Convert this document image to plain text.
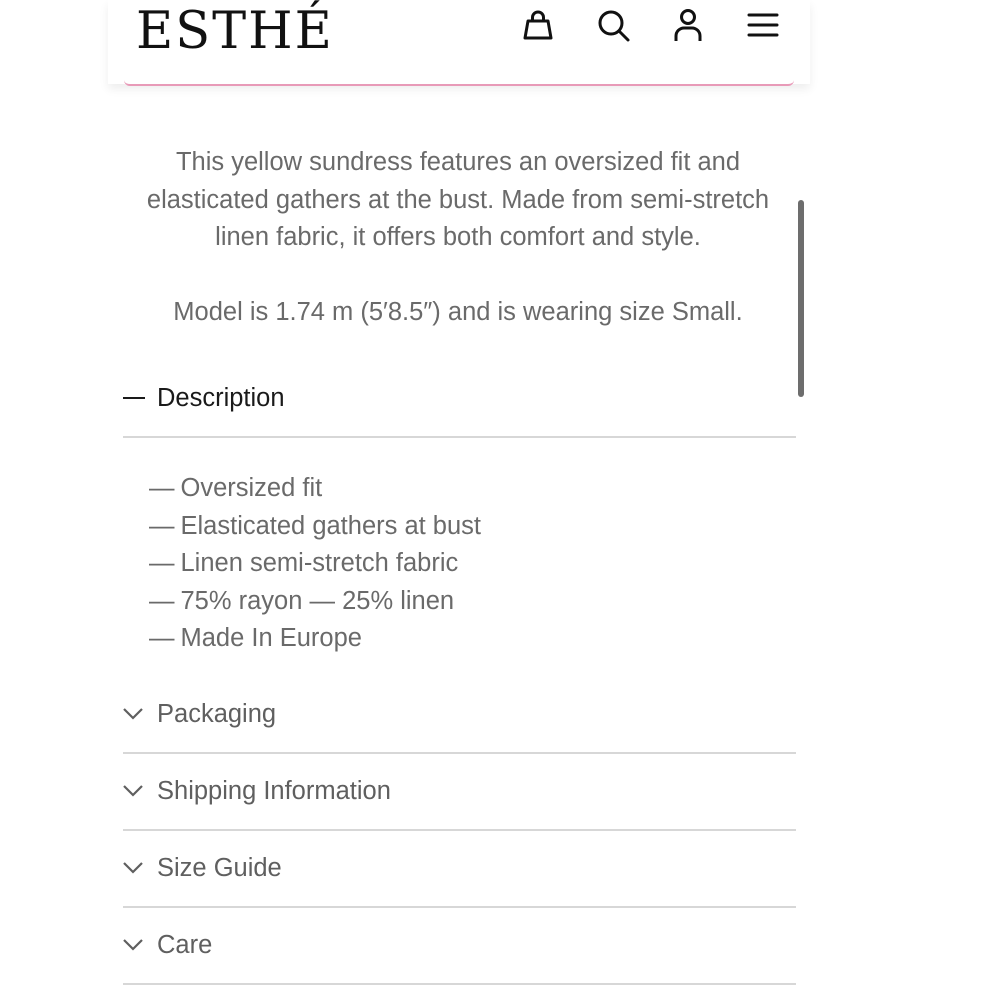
ESTHÉ
This yellow sundress features an oversized fit and elasticated gathers at the bust. Made from semi-stretch linen fabric, it offers both comfort and style.
Model is 1.74 m (5′8.5″) and is wearing size Small.
Description
— Oversized fit
— Elasticated gathers at bust
— Linen semi-stretch fabric
— 75% rayon — 25% linen
— Made In Europe
Packaging
Shipping Information
Size Guide
Care
